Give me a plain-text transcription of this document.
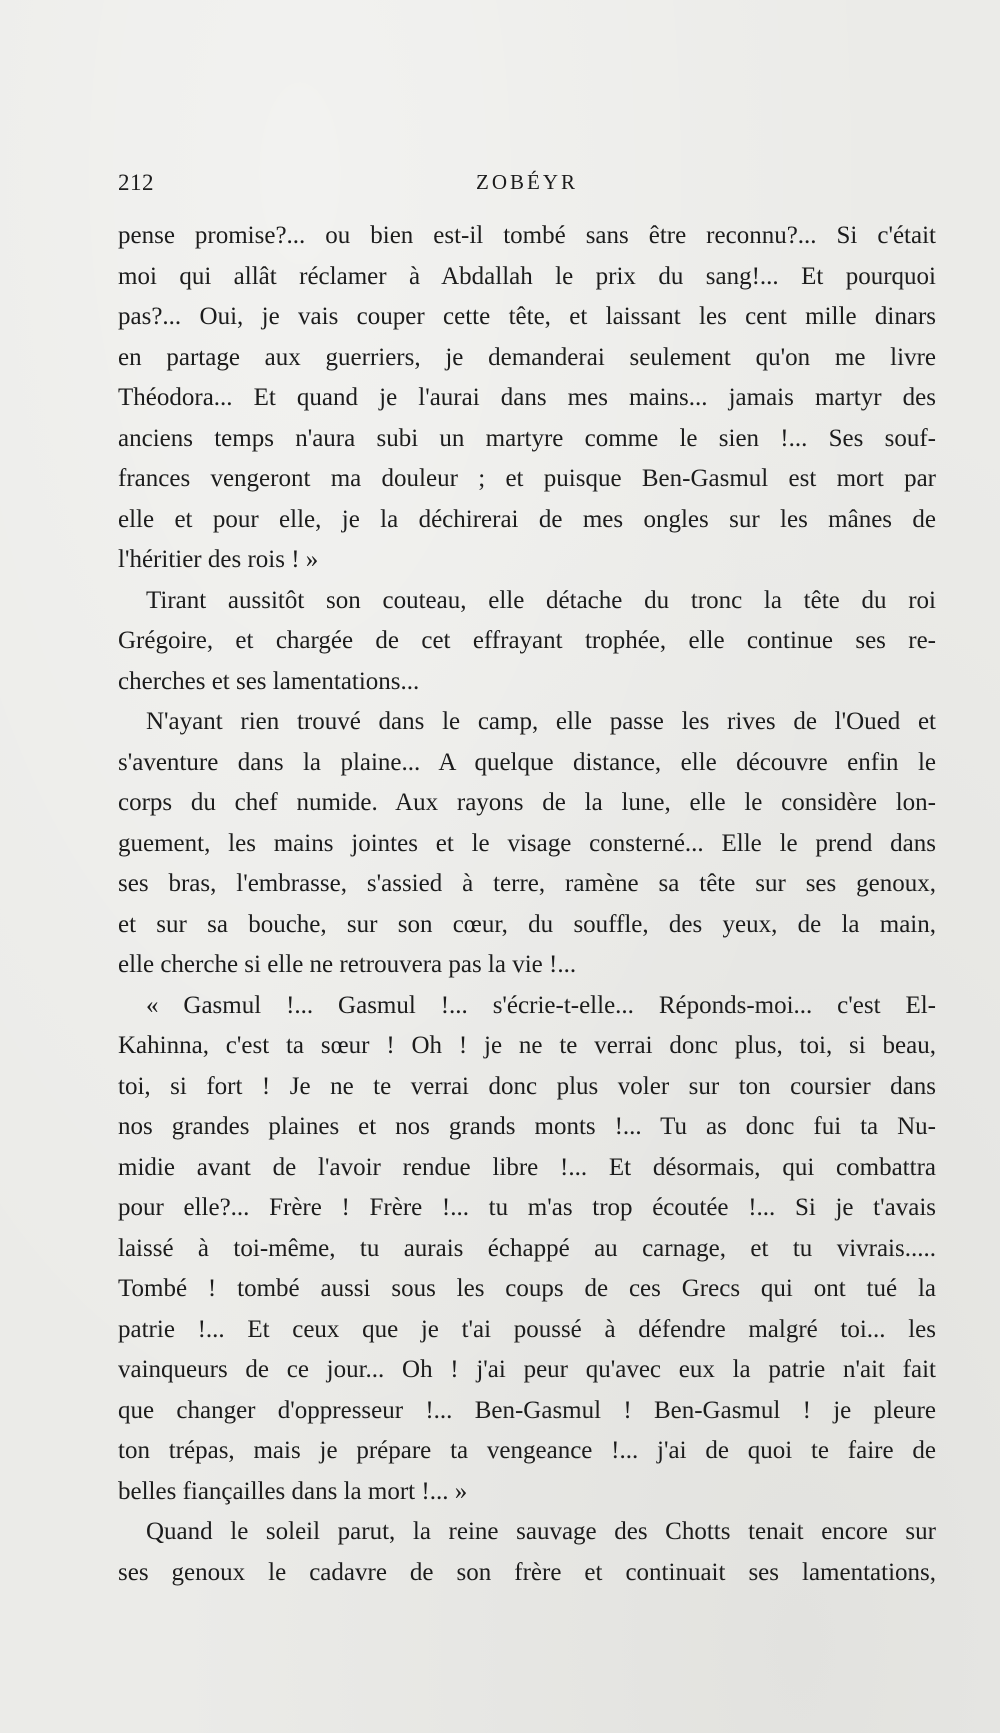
212	ZOBÉYR
pense promise?... ou bien est-il tombé sans être reconnu?... Si c'était
moi qui allât réclamer à Abdallah le prix du sang!... Et pourquoi
pas?... Oui, je vais couper cette tête, et laissant les cent mille dinars
en partage aux guerriers, je demanderai seulement qu'on me livre
Théodora... Et quand je l'aurai dans mes mains... jamais martyr des
anciens temps n'aura subi un martyre comme le sien !... Ses souf-
frances vengeront ma douleur ; et puisque Ben-Gasmul est mort par
elle et pour elle, je la déchirerai de mes ongles sur les mânes de
l'héritier des rois ! »
Tirant aussitôt son couteau, elle détache du tronc la tête du roi
Grégoire, et chargée de cet effrayant trophée, elle continue ses re-
cherches et ses lamentations...
N'ayant rien trouvé dans le camp, elle passe les rives de l'Oued et
s'aventure dans la plaine... A quelque distance, elle découvre enfin le
corps du chef numide. Aux rayons de la lune, elle le considère lon-
guement, les mains jointes et le visage consterné... Elle le prend dans
ses bras, l'embrasse, s'assied à terre, ramène sa tête sur ses genoux,
et sur sa bouche, sur son cœur, du souffle, des yeux, de la main,
elle cherche si elle ne retrouvera pas la vie !...
« Gasmul !... Gasmul !... s'écrie-t-elle... Réponds-moi... c'est El-
Kahinna, c'est ta sœur ! Oh ! je ne te verrai donc plus, toi, si beau,
toi, si fort ! Je ne te verrai donc plus voler sur ton coursier dans
nos grandes plaines et nos grands monts !... Tu as donc fui ta Nu-
midie avant de l'avoir rendue libre !... Et désormais, qui combattra
pour elle?... Frère ! Frère !... tu m'as trop écoutée !... Si je t'avais
laissé à toi-même, tu aurais échappé au carnage, et tu vivrais.....
Tombé ! tombé aussi sous les coups de ces Grecs qui ont tué la
patrie !... Et ceux que je t'ai poussé à défendre malgré toi... les
vainqueurs de ce jour... Oh ! j'ai peur qu'avec eux la patrie n'ait fait
que changer d'oppresseur !... Ben-Gasmul ! Ben-Gasmul ! je pleure
ton trépas, mais je prépare ta vengeance !... j'ai de quoi te faire de
belles fiançailles dans la mort !... »
Quand le soleil parut, la reine sauvage des Chotts tenait encore sur
ses genoux le cadavre de son frère et continuait ses lamentations,
